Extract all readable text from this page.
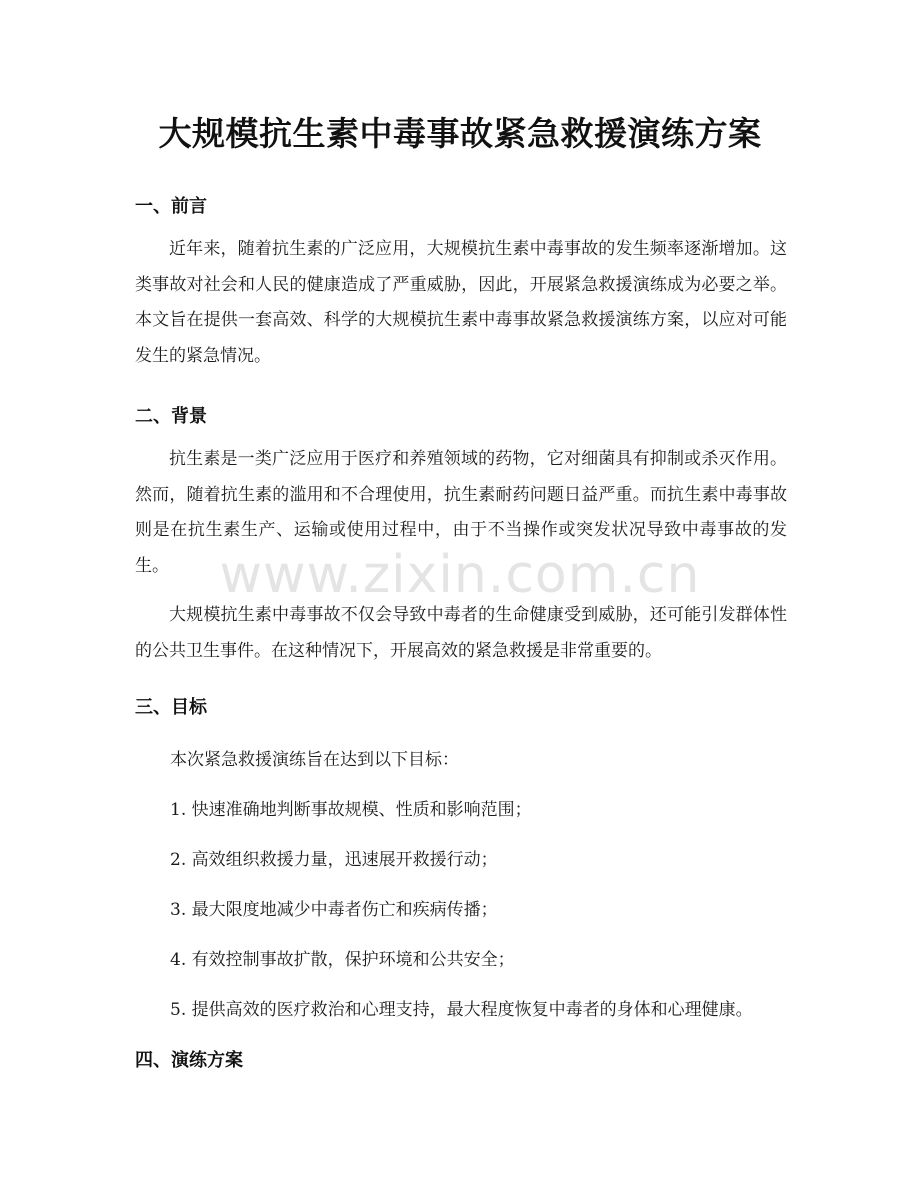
大规模抗生素中毒事故紧急救援演练方案
一、前言
近年来，随着抗生素的广泛应用，大规模抗生素中毒事故的发生频率逐渐增加。这类事故对社会和人民的健康造成了严重威胁，因此，开展紧急救援演练成为必要之举。本文旨在提供一套高效、科学的大规模抗生素中毒事故紧急救援演练方案，以应对可能发生的紧急情况。
二、背景
抗生素是一类广泛应用于医疗和养殖领域的药物，它对细菌具有抑制或杀灭作用。然而，随着抗生素的滥用和不合理使用，抗生素耐药问题日益严重。而抗生素中毒事故则是在抗生素生产、运输或使用过程中，由于不当操作或突发状况导致中毒事故的发生。
大规模抗生素中毒事故不仅会导致中毒者的生命健康受到威胁，还可能引发群体性的公共卫生事件。在这种情况下，开展高效的紧急救援是非常重要的。
三、目标
本次紧急救援演练旨在达到以下目标：
1. 快速准确地判断事故规模、性质和影响范围；
2. 高效组织救援力量，迅速展开救援行动；
3. 最大限度地减少中毒者伤亡和疾病传播；
4. 有效控制事故扩散，保护环境和公共安全；
5. 提供高效的医疗救治和心理支持，最大程度恢复中毒者的身体和心理健康。
四、演练方案
www.zixin.com.cn
